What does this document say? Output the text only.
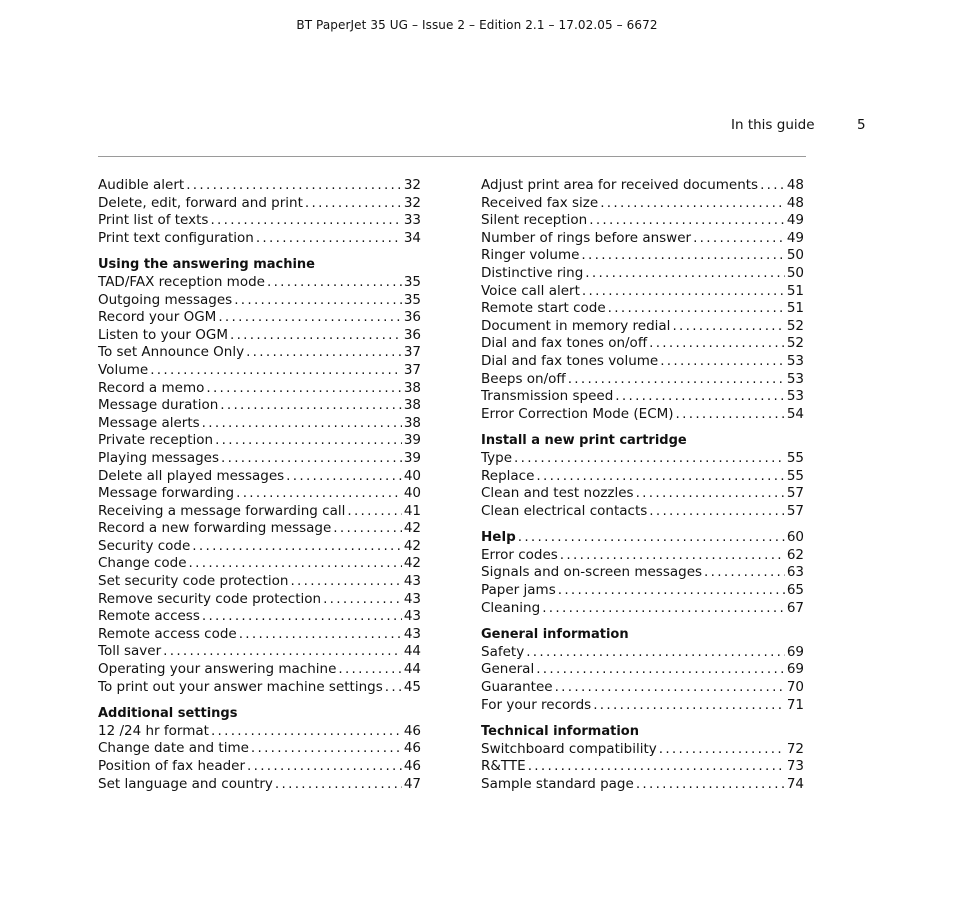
BT PaperJet 35 UG – Issue 2 – Edition 2.1 – 17.02.05 – 6672
In this guide	5
Audible alert .....	32
Delete, edit, forward and print .....	32
Print list of texts .....	33
Print text configuration .....	34
Using the answering machine
TAD/FAX reception mode .....	35
Outgoing messages .....	35
Record your OGM .....	36
Listen to your OGM .....	36
To set Announce Only .....	37
Volume .....	37
Record a memo .....	38
Message duration .....	38
Message alerts .....	38
Private reception .....	39
Playing messages .....	39
Delete all played messages .....	40
Message forwarding .....	40
Receiving a message forwarding call .....	41
Record a new forwarding message .....	42
Security code .....	42
Change code .....	42
Set security code protection .....	43
Remove security code protection .....	43
Remote access .....	43
Remote access code .....	43
Toll saver .....	44
Operating your answering machine .....	44
To print out your answer machine settings ..... 45
Additional settings
12 /24 hr format .....	46
Change date and time .....	46
Position of fax header .....	46
Set language and country .....	47
Adjust print area for received documents ..... 48
Received fax size .....	48
Silent reception .....	49
Number of rings before answer .....	49
Ringer volume .....	50
Distinctive ring .....	50
Voice call alert .....	51
Remote start code .....	51
Document in memory redial .....	52
Dial and fax tones on/off .....	52
Dial and fax tones volume .....	53
Beeps on/off .....	53
Transmission speed .....	53
Error Correction Mode (ECM) .....	54
Install a new print cartridge
Type .....	55
Replace .....	55
Clean and test nozzles .....	57
Clean electrical contacts .....	57
Help .....	60
Error codes .....	62
Signals and on-screen messages .....	63
Paper jams .....	65
Cleaning .....	67
General information
Safety .....	69
General .....	69
Guarantee .....	70
For your records .....	71
Technical information
Switchboard compatibility .....	72
R&TTE .....	73
Sample standard page .....	74
